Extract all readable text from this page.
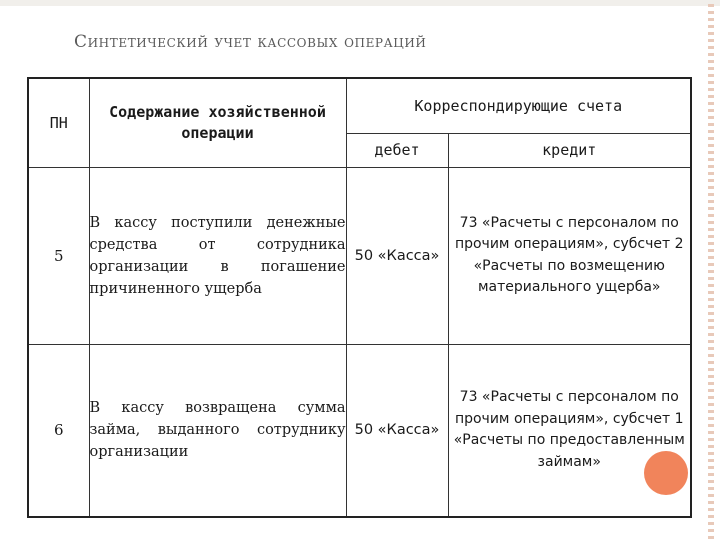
Синтетический учет кассовых операций
ПН	Содержание хозяйственной операции	Корреспондирующие счета	
		дебет	кредит
5	В кассу поступили денежные средства от сотрудника организации в погашение причиненного ущерба	50 «Касса»	73 «Расчеты с персоналом по прочим операциям», субсчет 2 «Расчеты по возмещению материального ущерба»
6	В кассу возвращена сумма займа, выданного сотруднику организации	50 «Касса»	73 «Расчеты с персоналом по прочим операциям», субсчет 1 «Расчеты по предоставленным займам»
